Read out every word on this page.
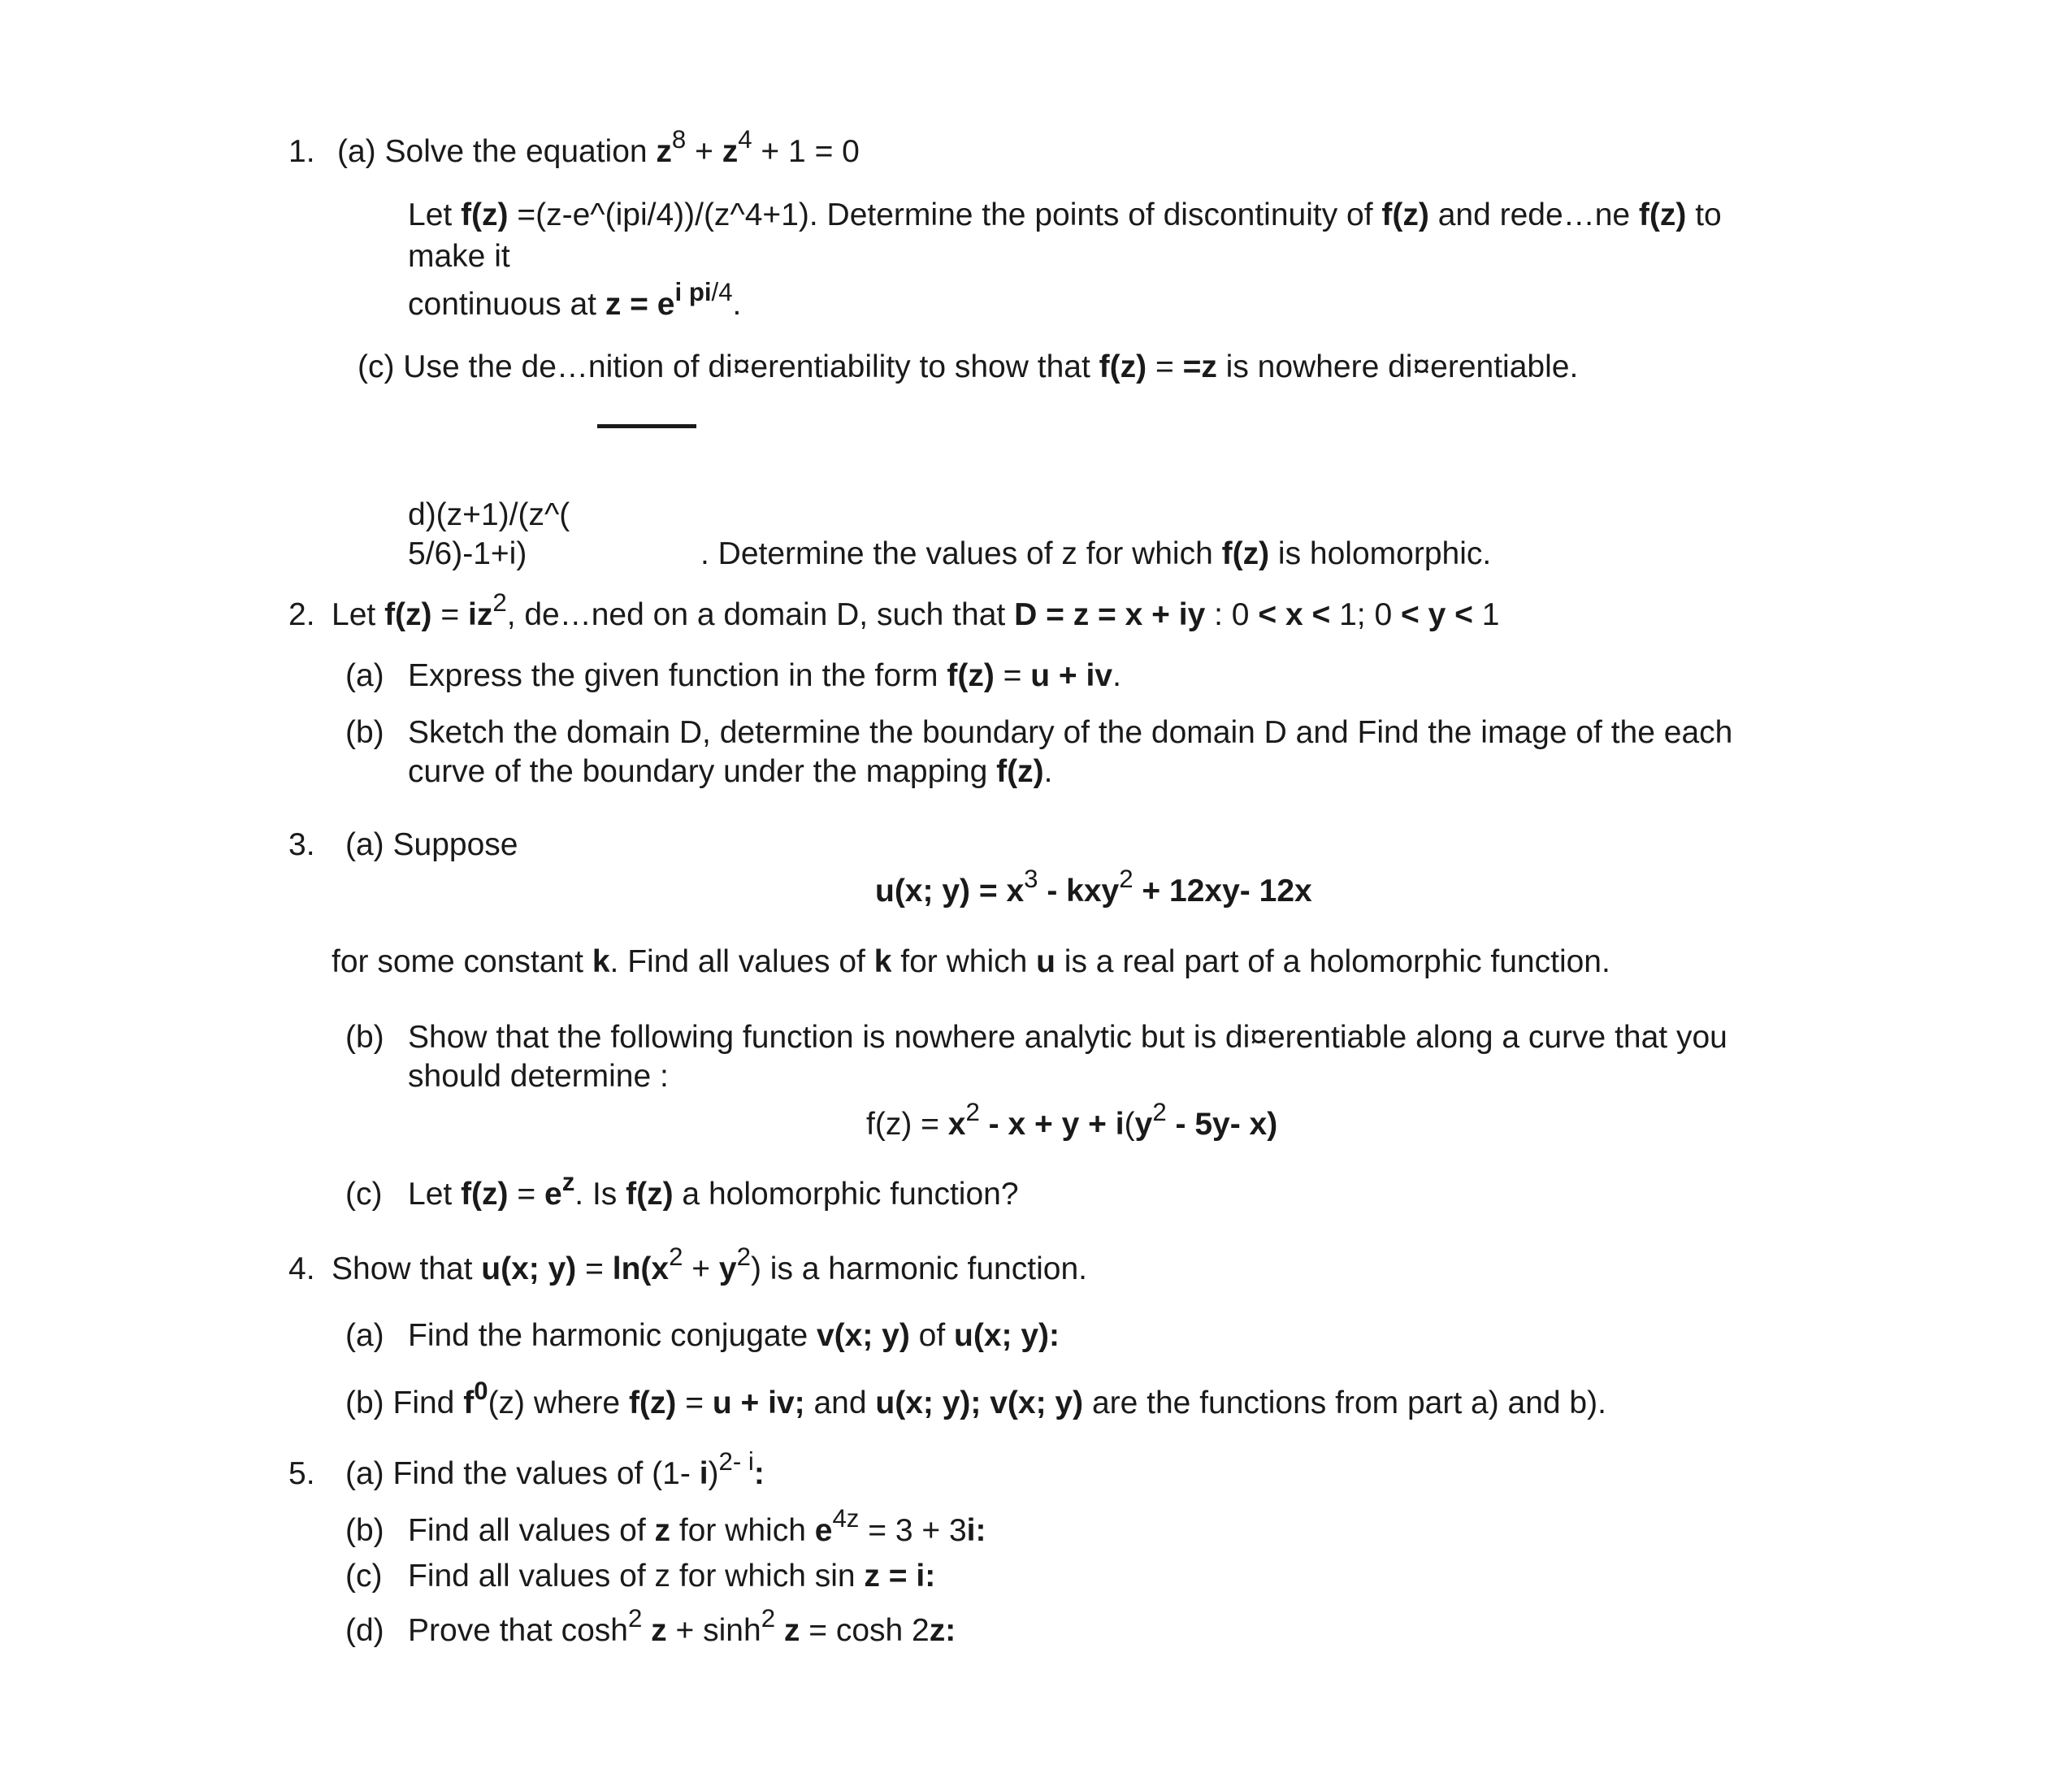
1. (a) Solve the equation $z^8 + z^4 + 1 = 0$
Let f(z) =(z-e^(ipi/4))/(z^4+1). Determine the points of discontinuity of f(z) and rede…ne f(z) to
make it
continuous at $z = e^{i pi/4}$.
(c) Use the de…nition of di¤erentiability to show that f(z) = =z is nowhere di¤erentiable.
d)(z+1)/(z^(
5/6)-1+i)	. Determine the values of z for which f(z) is holomorphic.
2. Let $f(z) = iz^2$, de…ned on a domain D, such that D = z = x + iy : 0 < x < 1; 0 < y < 1
(a) Express the given function in the form f(z) = u + iv.
(b) Sketch the domain D, determine the boundary of the domain D and Find the image of the each
curve of the boundary under the mapping f(z).
3. (a) Suppose
u(x; $y) = x^3 - kxy^2 + 12xy-$ 12x
for some constant k. Find all values of k for which u is a real part of a holomorphic function.
(b) Show that the following function is nowhere analytic but is di¤erentiable along a curve that you
should determine :
$f(z) = x^2 - x + y + i(y^2 - 5y-$ x)
(c) Let $f(z) = e^z$. Is f(z) a holomorphic function?
4. Show that u(x; $y) = \ln(x^2 + y^2)$ is a harmonic function.
(a) Find the harmonic conjugate v(x; y) of u(x; y):
(b) Find $f^0(z)$ where f(z) = u + iv; and u(x; y); v(x; y) are the functions from part a) and b).
5. (a) Find the values of (1- i)$^{2- i}$:
(b) Find all values of z for which $e^{4z} = 3 + 3i$:
(c) Find all values of z for which sin z = i:
(d) Prove that $\cosh^2 z + \sinh^2 z = \cosh 2z$:
